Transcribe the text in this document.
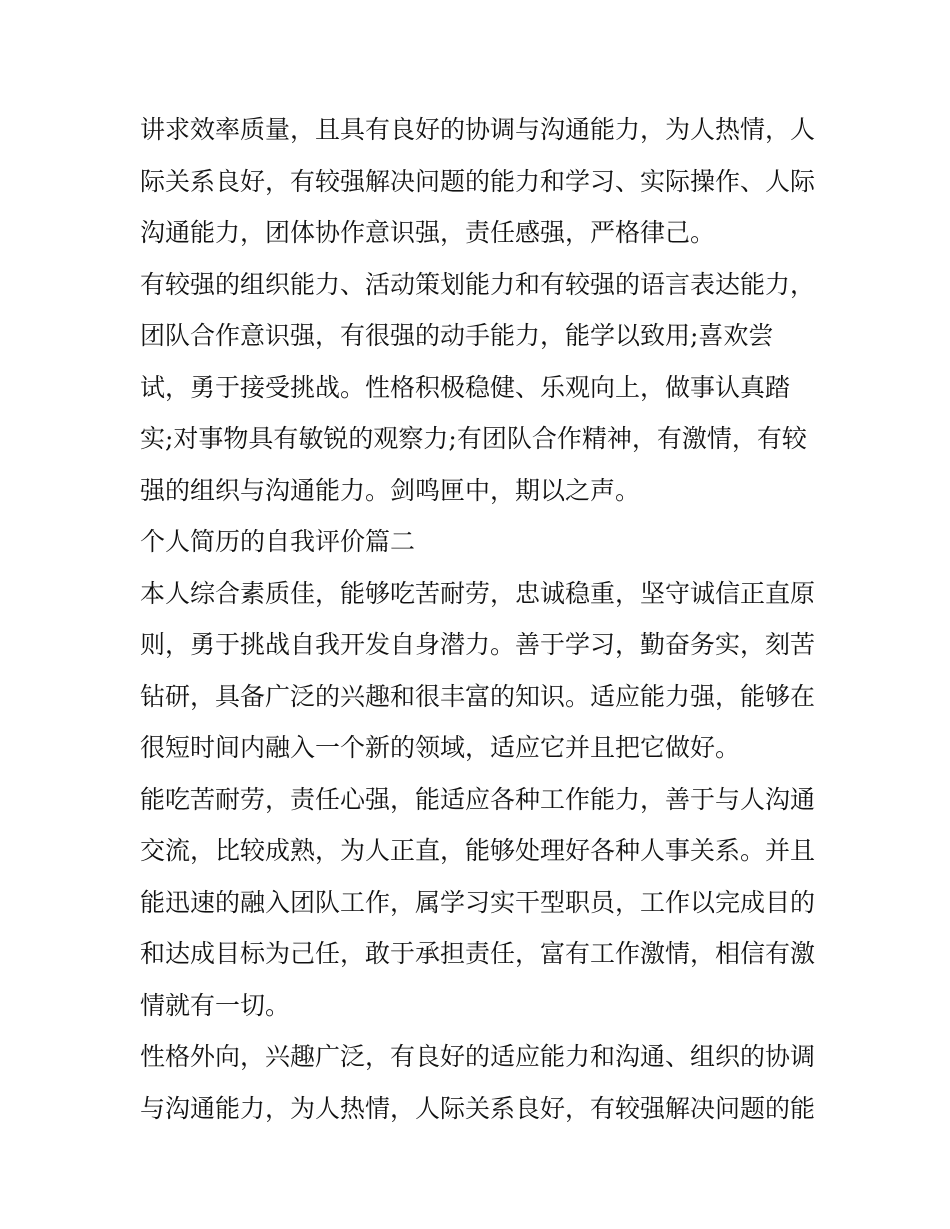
讲求效率质量，且具有良好的协调与沟通能力，为人热情，人
际关系良好，有较强解决问题的能力和学习、实际操作、人际
沟通能力，团体协作意识强，责任感强，严格律己。
有较强的组织能力、活动策划能力和有较强的语言表达能力，
团队合作意识强，有很强的动手能力，能学以致用;喜欢尝
试，勇于接受挑战。性格积极稳健、乐观向上，做事认真踏
实;对事物具有敏锐的观察力;有团队合作精神，有激情，有较
强的组织与沟通能力。剑鸣匣中，期以之声。
个人简历的自我评价篇二
本人综合素质佳，能够吃苦耐劳，忠诚稳重，坚守诚信正直原
则，勇于挑战自我开发自身潜力。善于学习，勤奋务实，刻苦
钻研，具备广泛的兴趣和很丰富的知识。适应能力强，能够在
很短时间内融入一个新的领域，适应它并且把它做好。
能吃苦耐劳，责任心强，能适应各种工作能力，善于与人沟通
交流，比较成熟，为人正直，能够处理好各种人事关系。并且
能迅速的融入团队工作，属学习实干型职员，工作以完成目的
和达成目标为己任，敢于承担责任，富有工作激情，相信有激
情就有一切。
性格外向，兴趣广泛，有良好的适应能力和沟通、组织的协调
与沟通能力，为人热情，人际关系良好，有较强解决问题的能
